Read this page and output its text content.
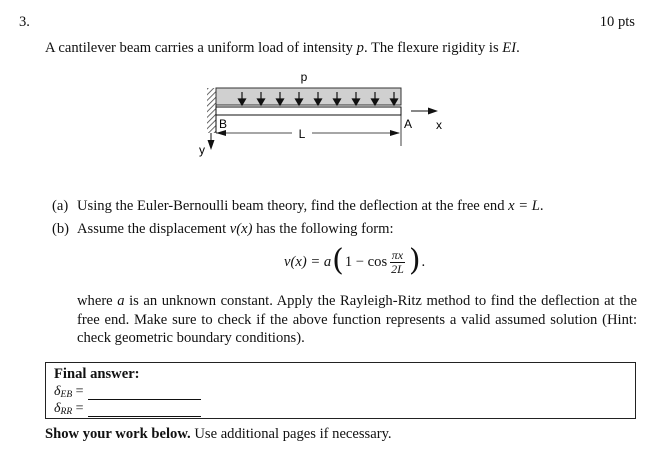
3.	10 pts
A cantilever beam carries a uniform load of intensity p. The flexure rigidity is EI.
L
p
B	A x
y
(a) Using the Euler-Bernoulli beam theory, find the deflection at the free end x = L.
(b) Assume the displacement v(x) has the following form:
v(x) = a ( $1 - \cos \frac{\pi x}{2L}$ ) .
where a is an unknown constant. Apply the Rayleigh-Ritz method to find the deflection at the free end. Make sure to check if the above function represents a valid assumed solution (Hint: check geometric boundary conditions).
Final answer:
$\delta_{EB}$
=
$\delta_{RR}$
=
Show your work below. Use additional pages if necessary.
